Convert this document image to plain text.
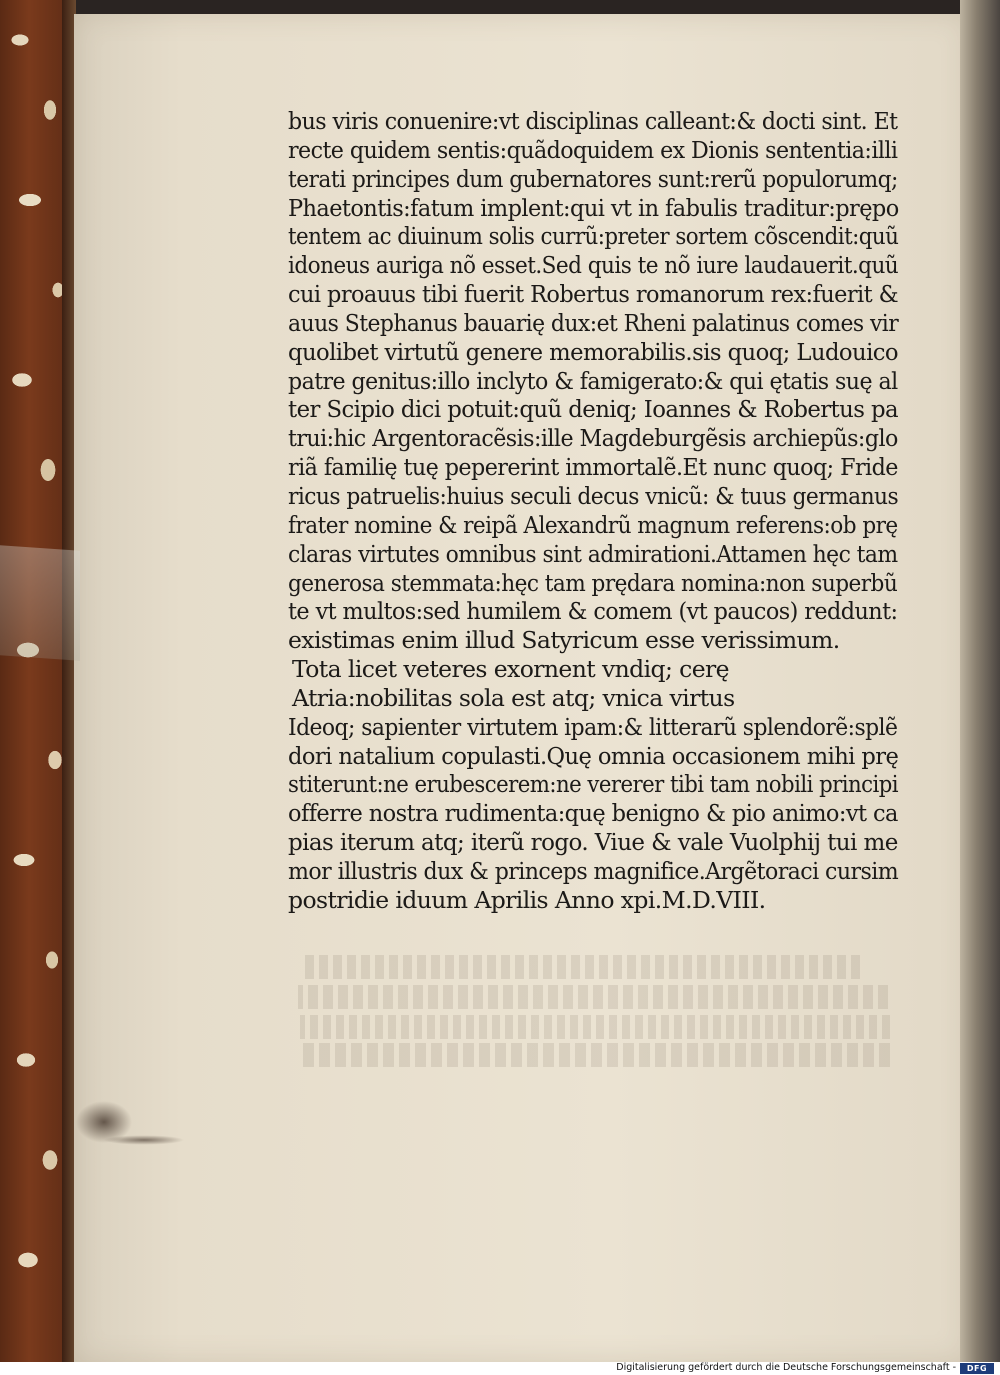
bus viris conuenire:vt disciplinas calleant:& docti sint. Et
recte quidem sentis:quãdoquidem ex Dionis sententia:illi
terati principes dum gubernatores sunt:rerũ populorumq;
Phaetontis:fatum implent:qui vt in fabulis traditur:prępo
tentem ac diuinum solis currũ:preter sortem cõscendit:quũ
idoneus auriga nõ esset.Sed quis te nõ iure laudauerit.quũ
cui proauus tibi fuerit Robertus romanorum rex:fuerit &
auus Stephanus bauarię dux:et Rheni palatinus comes vir
quolibet virtutũ genere memorabilis.sis quoq; Ludouico
patre genitus:illo inclyto & famigerato:& qui ętatis suę al
ter Scipio dici potuit:quũ deniq; Ioannes & Robertus pa
trui:hic Argentoracẽsis:ille Magdeburgẽsis archiepũs:glo
riã familię tuę pepererint immortalẽ.Et nunc quoq; Fride
ricus patruelis:huius seculi decus vnicũ: & tuus germanus
frater nomine & reipã Alexandrũ magnum referens:ob prę
claras virtutes omnibus sint admirationi.Attamen hęc tam
generosa stemmata:hęc tam prędara nomina:non superbũ
te vt multos:sed humilem & comem (vt paucos) reddunt:
existimas enim illud Satyricum esse verissimum.
Tota licet veteres exornent vndiq; cerę
Atria:nobilitas sola est atq; vnica virtus
Ideoq; sapienter virtutem ipam:& litterarũ splendorẽ:splẽ
dori natalium copulasti.Quę omnia occasionem mihi prę
stiterunt:ne erubescerem:ne vererer tibi tam nobili principi
offerre nostra rudimenta:quę benigno & pio animo:vt ca
pias iterum atq; iterũ rogo. Viue & vale Vuolphij tui me
mor illustris dux & princeps magnifice.Argẽtoraci cursim
postridie iduum Aprilis Anno xpi.M.D.VIII.
Digitalisierung gefördert durch die Deutsche Forschungsgemeinschaft -	DFG
